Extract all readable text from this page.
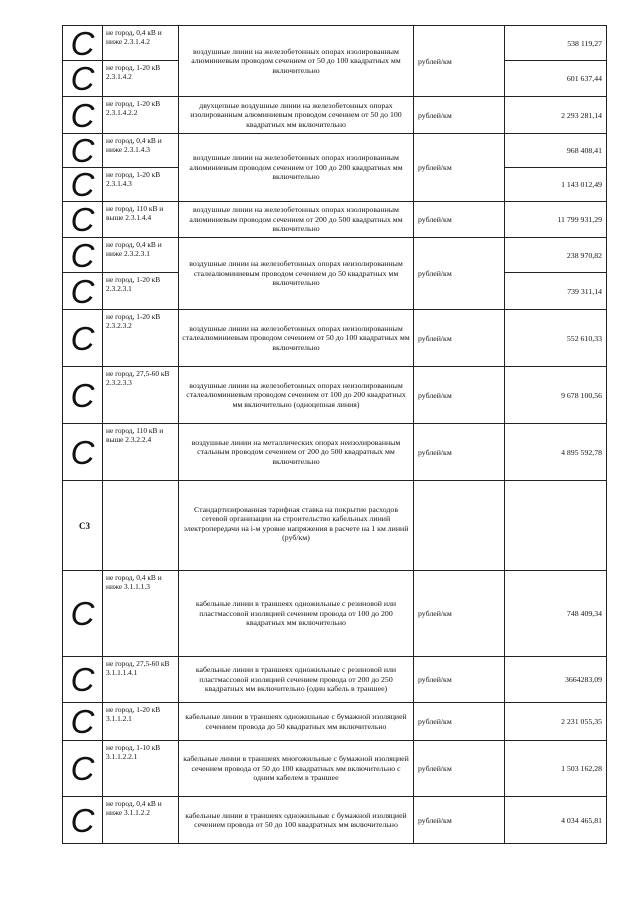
C	не город, 0,4 кВ и ниже 2.3.1.4.2	воздушные линии на железобетонных опорах изолированным алюминиевым проводом сечением от 50 до 100 квадратных мм включительно	рублей/км	538 119,27
C	не город, 1-20 кВ 2.3.1.4.2			601 637,44
C	не город, 1-20 кВ 2.3.1.4.2.2	двухцепные воздушные линии на железобетонных опорах изолированным алюминиевым проводом сечением от 50 до 100 квадратных мм включительно	рублей/км	2 293 281,14
C	не город, 0,4 кВ и ниже 2.3.1.4.3	воздушные линии на железобетонных опорах изолированным алюминиевым проводом сечением от 100 до 200 квадратных мм включительно	рублей/км	968 408,41
C	не город, 1-20 кВ 2.3.1.4.3			1 143 012,49
C	не город, 110 кВ и выше 2.3.1.4.4	воздушные линии на железобетонных опорах изолированным алюминиевым проводом сечением от 200 до 500 квадратных мм включительно	рублей/км	11 799 931,29
C	не город, 0,4 кВ и ниже 2.3.2.3.1	воздушные линии на железобетонных опорах неизолированным сталеалюминиевым проводом сечением до 50 квадратных мм включительно	рублей/км	238 970,82
C	не город, 1-20 кВ 2.3.2.3.1			739 311,14
C	не город, 1-20 кВ 2.3.2.3.2	воздушные линии на железобетонных опорах неизолированным сталеалюминиевым проводом сечением от 50 до 100 квадратных мм включительно	рублей/км	552 610,33
C	не город, 27,5-60 кВ 2.3.2.3.3	воздушные линии на железобетонных опорах неизолированным сталеалюминиевым проводом сечением от 100 до 200 квадратных мм включительно (одноцепная линия)	рублей/км	9 678 100,56
C	не город, 110 кВ и выше 2.3.2.2.4	воздушные линии на металлических опорах неизолированным стальным проводом сечением от 200 до 500 квадратных мм включительно	рублей/км	4 895 592,78
С3		Стандартизированная тарифная ставка на покрытие расходов сетевой организации на строительство кабельных линий электропередачи на i-м уровне напряжения в расчете на 1 км линий (руб/км)		
C	не город, 0,4 кВ и ниже 3.1.1.1.3	кабельные линии в траншеях одножильные с резиновой или пластмассовой изоляцией сечением провода от 100 до 200 квадратных мм включительно	рублей/км	748 409,34
C	не город, 27,5-60 кВ 3.1.1.1.4.1	кабельные линии в траншеях одножильные с резиновой или пластмассовой изоляцией сечением провода от 200 до 250 квадратных мм включительно (один кабель в траншее)	рублей/км	3664283,09
C	не город, 1-20 кВ 3.1.1.2.1	кабельные линии в траншеях одножильные с бумажной изоляцией сечением провода до 50 квадратных мм включительно	рублей/км	2 231 055,35
C	не город, 1-10 кВ 3.1.1.2.2.1	кабельные линии в траншеях многожильные с бумажной изоляцией сечением провода от 50 до 100 квадратных мм включительно с одним кабелем в траншее	рублей/км	1 503 162,28
C	не город, 0,4 кВ и ниже 3.1.1.2.2	кабельные линии в траншеях одножильные с бумажной изоляцией сечением провода от 50 до 100 квадратных мм включительно	рублей/км	4 034 465,81
